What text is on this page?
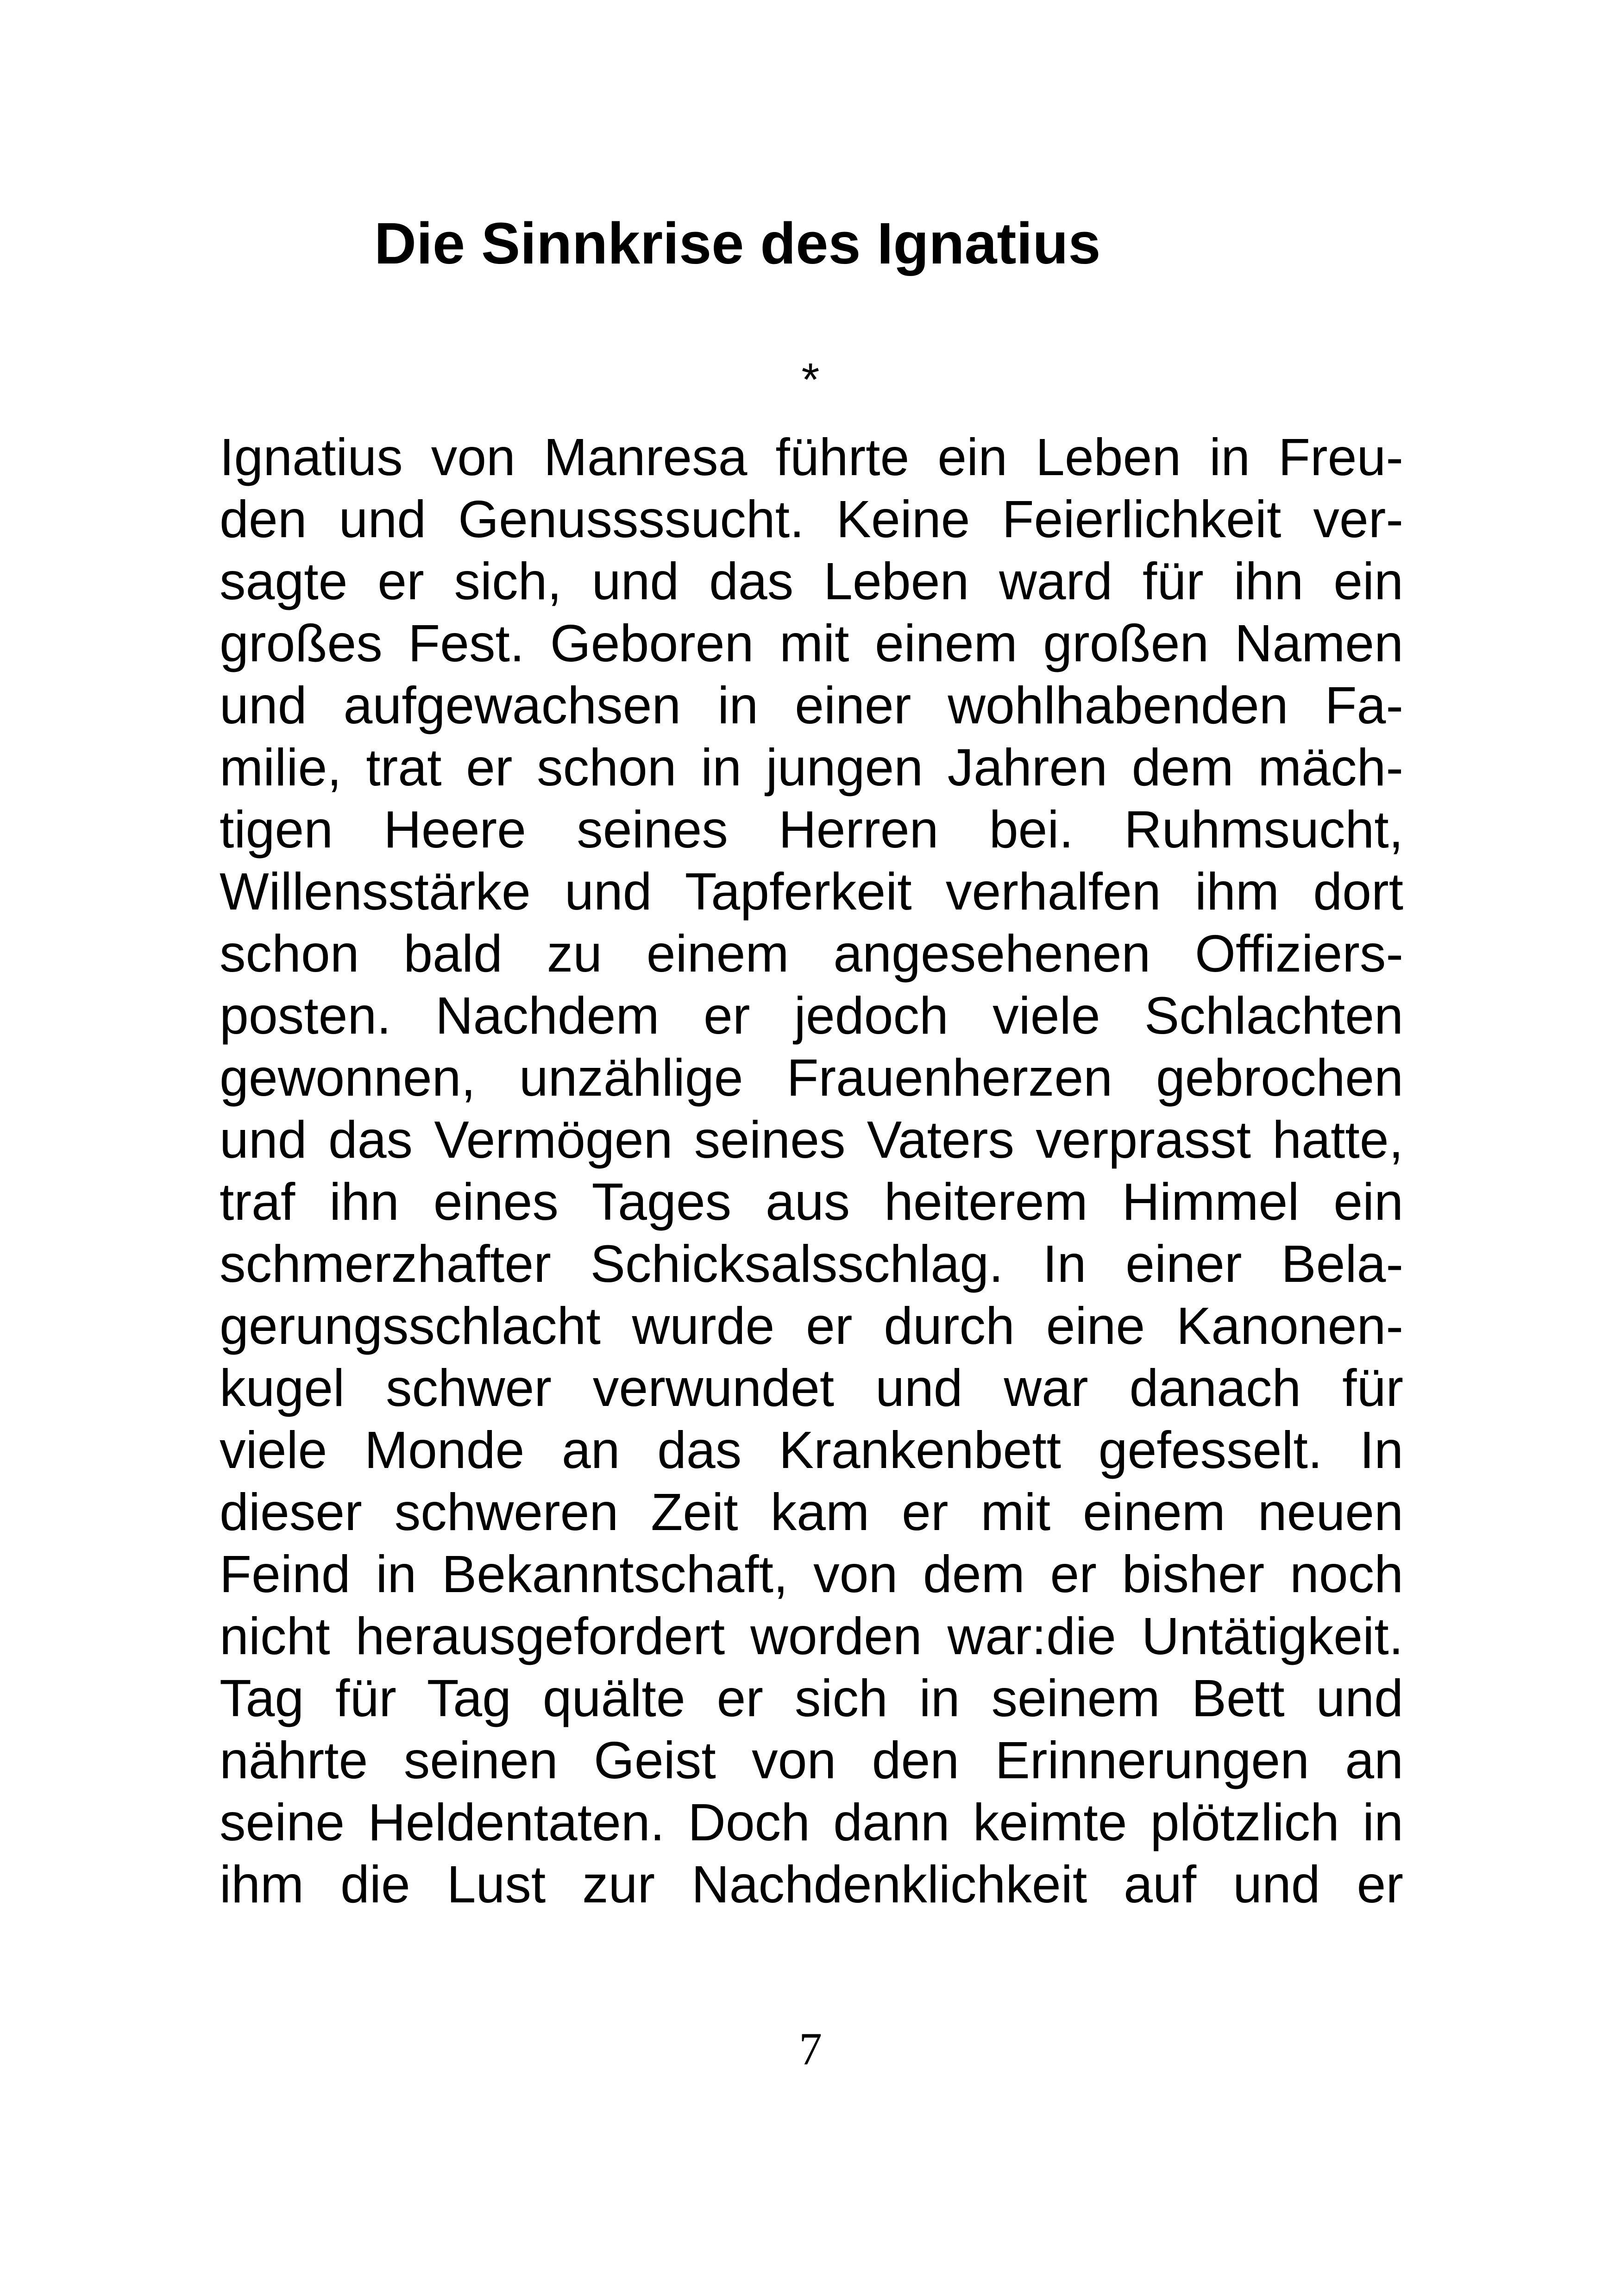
Die Sinnkrise des Ignatius
*
Ignatius von Manresa führte ein Leben in Freu-
den und Genussssucht. Keine Feierlichkeit ver-
sagte er sich, und das Leben ward für ihn ein
großes Fest. Geboren mit einem großen Namen
und aufgewachsen in einer wohlhabenden Fa-
milie, trat er schon in jungen Jahren dem mäch-
tigen Heere seines Herren bei. Ruhmsucht,
Willensstärke und Tapferkeit verhalfen ihm dort
schon bald zu einem angesehenen Offiziers-
posten. Nachdem er jedoch viele Schlachten
gewonnen, unzählige Frauenherzen gebrochen
und das Vermögen seines Vaters verprasst hatte,
traf ihn eines Tages aus heiterem Himmel ein
schmerzhafter Schicksalsschlag. In einer Bela-
gerungsschlacht wurde er durch eine Kanonen-
kugel schwer verwundet und war danach für
viele Monde an das Krankenbett gefesselt. In
dieser schweren Zeit kam er mit einem neuen
Feind in Bekanntschaft, von dem er bisher noch
nicht herausgefordert worden war:die Untätigkeit.
Tag für Tag quälte er sich in seinem Bett und
nährte seinen Geist von den Erinnerungen an
seine Heldentaten. Doch dann keimte plötzlich in
ihm die Lust zur Nachdenklichkeit auf und er
7
